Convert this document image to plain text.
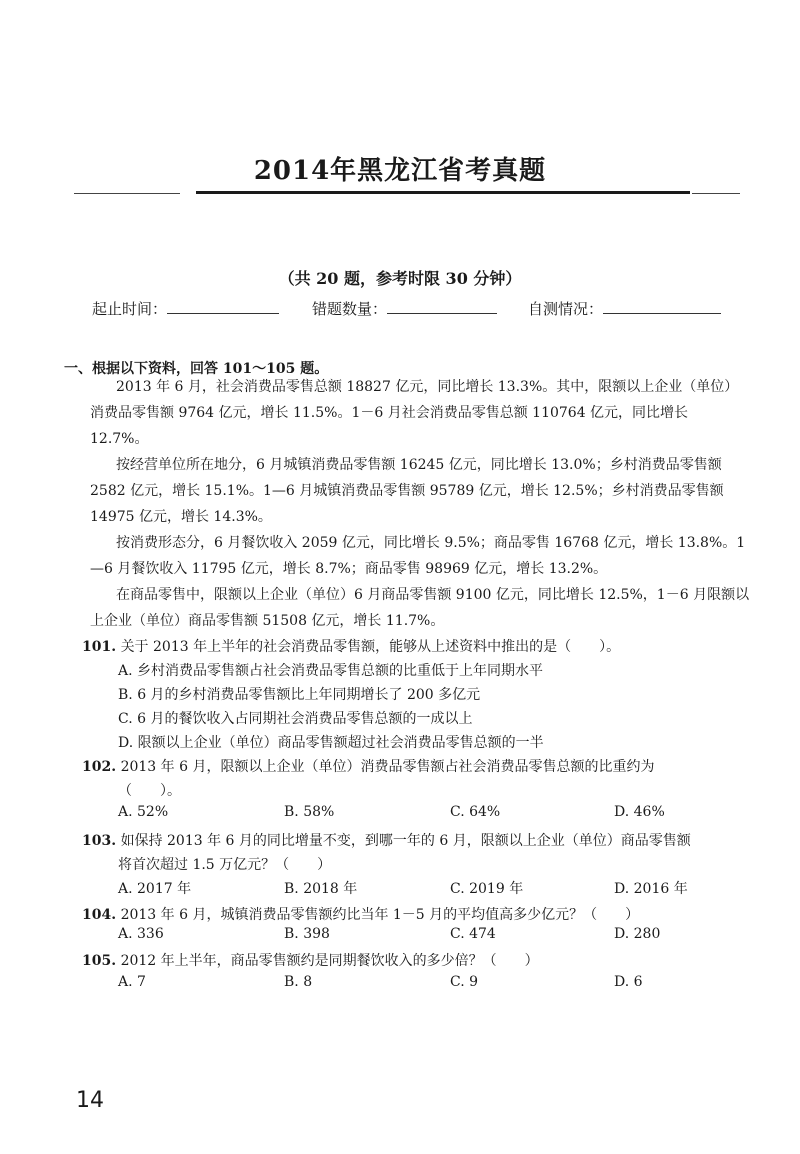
2014年黑龙江省考真题
（共 20 题，参考时限 30 分钟）
起止时间：	错题数量：	自测情况：
一、根据以下资料，回答 101～105 题。

2013 年 6 月，社会消费品零售总额 18827 亿元，同比增长 13.3%。其中，限额以上企业（单位）消费品零售额 9764 亿元，增长 11.5%。1－6 月社会消费品零售总额 110764 亿元，同比增长 12.7%。

按经营单位所在地分，6 月城镇消费品零售额 16245 亿元，同比增长 13.0%；乡村消费品零售额 2582 亿元，增长 15.1%。1—6 月城镇消费品零售额 95789 亿元，增长 12.5%；乡村消费品零售额 14975 亿元，增长 14.3%。

按消费形态分，6 月餐饮收入 2059 亿元，同比增长 9.5%；商品零售 16768 亿元，增长 13.8%。1—6 月餐饮收入 11795 亿元，增长 8.7%；商品零售 98969 亿元，增长 13.2%。

在商品零售中，限额以上企业（单位）6 月商品零售额 9100 亿元，同比增长 12.5%，1－6 月限额以上企业（单位）商品零售额 51508 亿元，增长 11.7%。

101. 关于 2013 年上半年的社会消费品零售额，能够从上述资料中推出的是（　　）。
A. 乡村消费品零售额占社会消费品零售总额的比重低于上年同期水平
B. 6 月的乡村消费品零售额比上年同期增长了 200 多亿元
C. 6 月的餐饮收入占同期社会消费品零售总额的一成以上
D. 限额以上企业（单位）商品零售额超过社会消费品零售总额的一半
102. 2013 年 6 月，限额以上企业（单位）消费品零售额占社会消费品零售总额的比重约为
（　　）。
A. 52%	B. 58%	C. 64%	D. 46%
103. 如保持 2013 年 6 月的同比增量不变，到哪一年的 6 月，限额以上企业（单位）商品零售额
将首次超过 1.5 万亿元？（　　）
A. 2017 年	B. 2018 年	C. 2019 年	D. 2016 年
104. 2013 年 6 月，城镇消费品零售额约比当年 1－5 月的平均值高多少亿元？（　　）
A. 336	B. 398	C. 474	D. 280
105. 2012 年上半年，商品零售额约是同期餐饮收入的多少倍？（　　）
A. 7	B. 8	C. 9	D. 6
14
